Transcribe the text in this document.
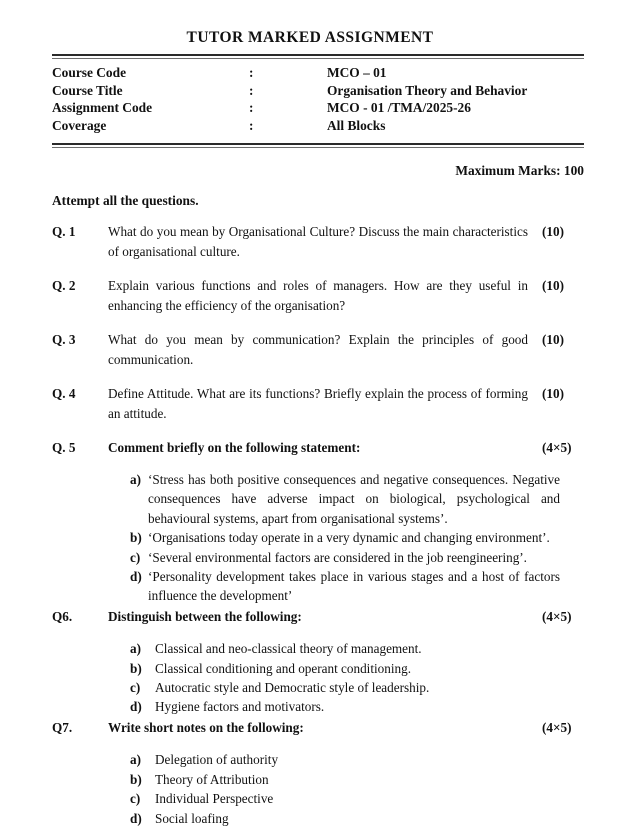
TUTOR MARKED ASSIGNMENT
Course Code	:	MCO – 01
Course Title	:	Organisation Theory and Behavior
Assignment Code	:	MCO - 01 /TMA/2025-26
Coverage	:	All Blocks
Maximum Marks: 100
Attempt all the questions.
Q. 1	What do you mean by Organisational Culture? Discuss the main characteristics of organisational culture.
(10)
Q. 2	Explain various functions and roles of managers. How are they useful in enhancing the efficiency of the organisation?
(10)
Q. 3	What do you mean by communication? Explain the principles of good communication.
(10)
Q. 4	Define Attitude. What are its functions? Briefly explain the process of forming an attitude.
(10)
Q. 5	Comment briefly on the following statement:	(4×5)
a) ‘Stress has both positive consequences and negative consequences. Negative consequences have adverse impact on biological, psychological and behavioural systems, apart from organisational systems’.
b) ‘Organisations today operate in a very dynamic and changing environment’.
c) ‘Several environmental factors are considered in the job reengineering’.
d) ‘Personality development takes place in various stages and a host of factors influence the development’
Q6.	Distinguish between the following:	(4×5)
a)	Classical and neo-classical theory of management.
b)	Classical conditioning and operant conditioning.
c)	Autocratic style and Democratic style of leadership.
d)	Hygiene factors and motivators.
Q7.	Write short notes on the following:	(4×5)
a)	Delegation of authority
b)	Theory of Attribution
c)	Individual Perspective
d)	Social loafing
